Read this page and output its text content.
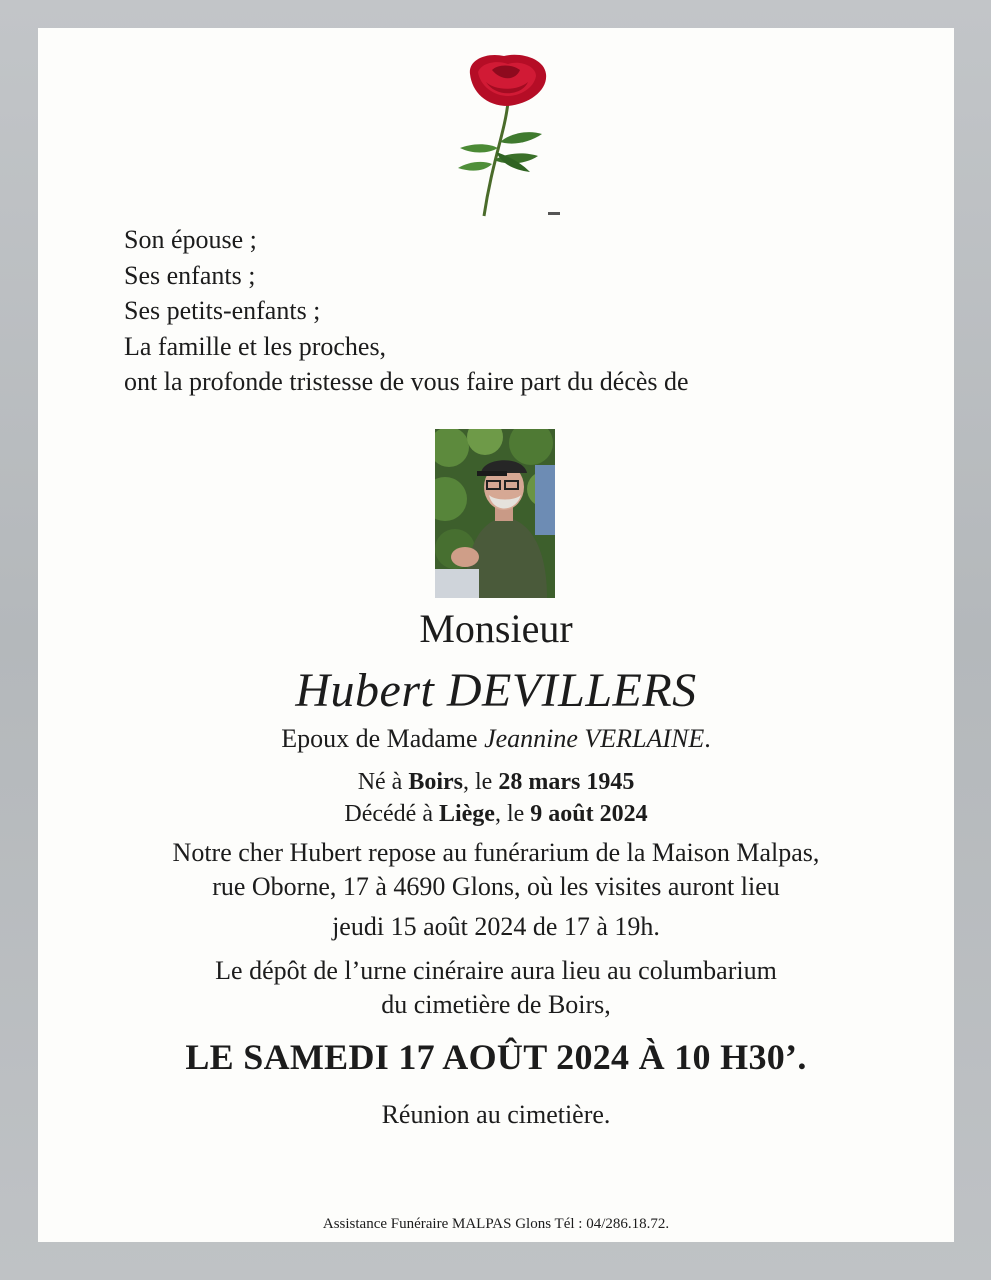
Son épouse ;
Ses enfants ;
Ses petits-enfants ;
La famille et les proches,
ont la profonde tristesse de vous faire part du décès de
Monsieur
Hubert DEVILLERS
Epoux de Madame Jeannine VERLAINE.
Né à Boirs, le 28 mars 1945
Décédé à Liège, le 9 août 2024
Notre cher Hubert repose au funérarium de la Maison Malpas,
rue Oborne, 17 à 4690 Glons, où les visites auront lieu
jeudi 15 août 2024 de 17 à 19h.
Le dépôt de l’urne cinéraire aura lieu au columbarium
du cimetière de Boirs,
LE SAMEDI 17 AOÛT 2024 À 10 H30’.
Réunion au cimetière.
Assistance Funéraire MALPAS Glons Tél : 04/286.18.72.
